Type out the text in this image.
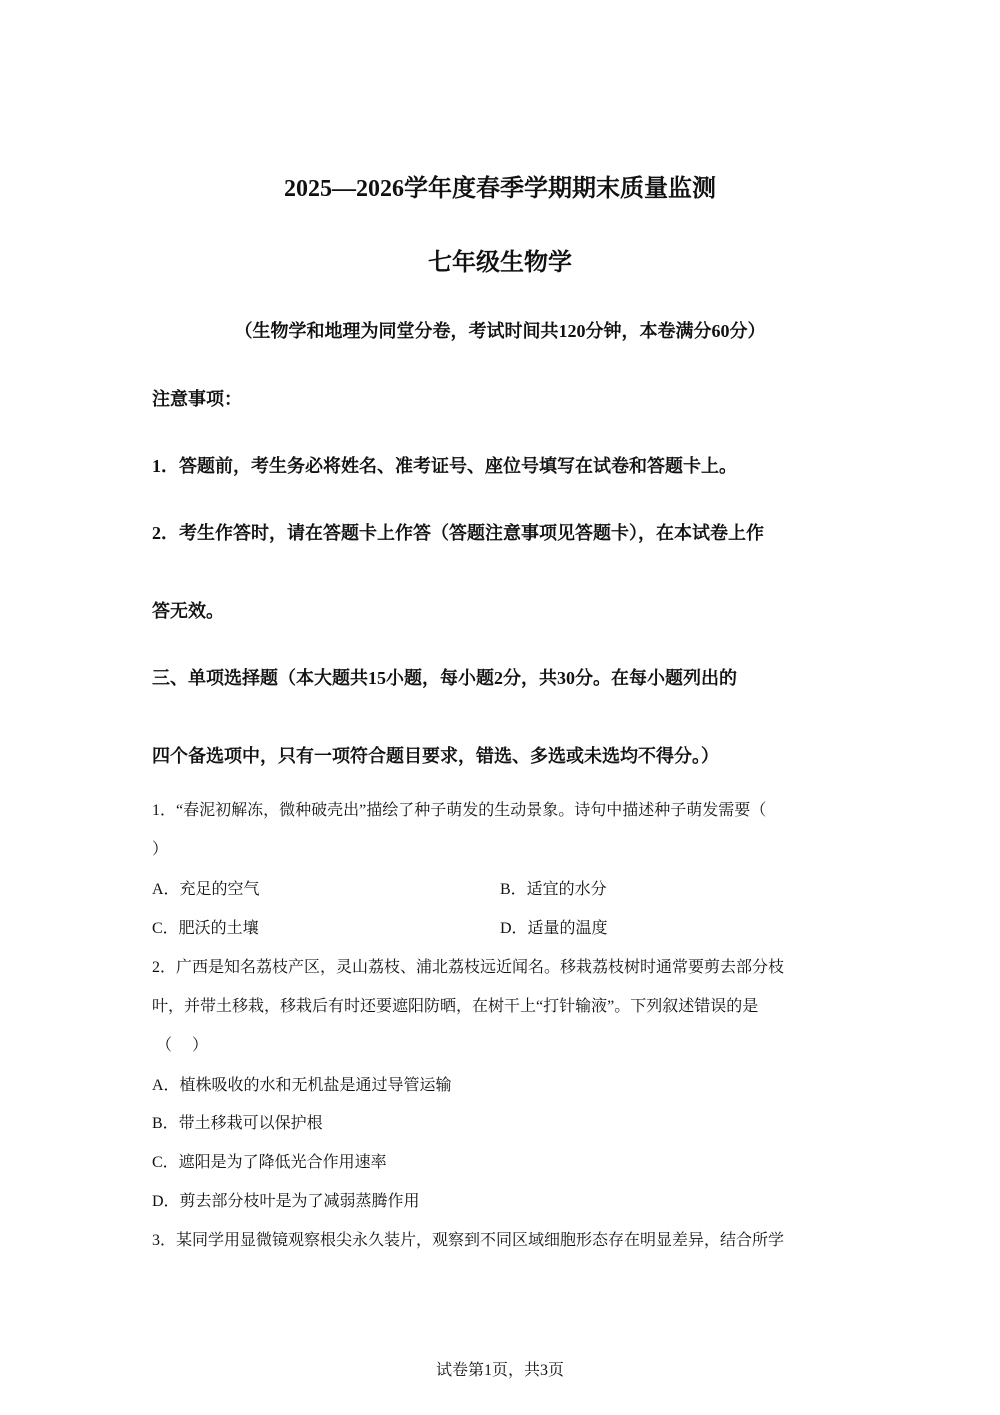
2025—2026学年度春季学期期末质量监测
七年级生物学
（生物学和地理为同堂分卷，考试时间共120分钟，本卷满分60分）
注意事项：
1．答题前，考生务必将姓名、准考证号、座位号填写在试卷和答题卡上。
2．考生作答时，请在答题卡上作答（答题注意事项见答题卡），在本试卷上作
答无效。
三、单项选择题（本大题共15小题，每小题2分，共30分。在每小题列出的
四个备选项中，只有一项符合题目要求，错选、多选或未选均不得分。）
1．“春泥初解冻，微种破壳出”描绘了种子萌发的生动景象。诗句中描述种子萌发需要（
）
A．充足的空气	B．适宜的水分
C．肥沃的土壤	D．适量的温度
2．广西是知名荔枝产区，灵山荔枝、浦北荔枝远近闻名。移栽荔枝树时通常要剪去部分枝
叶，并带土移栽，移栽后有时还要遮阳防晒，在树干上“打针输液”。下列叙述错误的是
（     ）
A．植株吸收的水和无机盐是通过导管运输
B．带土移栽可以保护根
C．遮阳是为了降低光合作用速率
D．剪去部分枝叶是为了减弱蒸腾作用
3．某同学用显微镜观察根尖永久装片，观察到不同区域细胞形态存在明显差异，结合所学
试卷第1页，共3页
